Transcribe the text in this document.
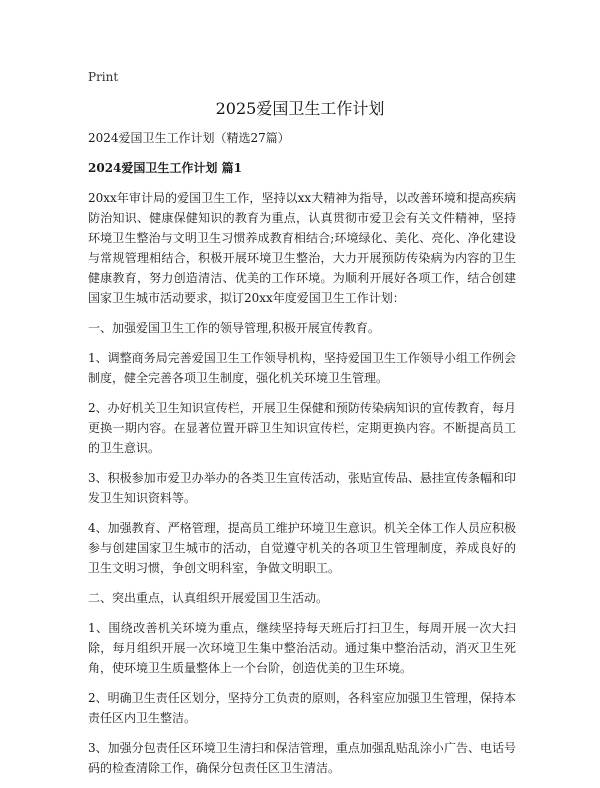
Print
2025爱国卫生工作计划

2024爱国卫生工作计划（精选27篇）

2024爱国卫生工作计划 篇1

20xx年审计局的爱国卫生工作，坚持以xx大精神为指导，以改善环境和提高疾病防治知识、健康保健知识的教育为重点，认真贯彻市爱卫会有关文件精神，坚持环境卫生整治与文明卫生习惯养成教育相结合;环境绿化、美化、亮化、净化建设与常规管理相结合，积极开展环境卫生整治，大力开展预防传染病为内容的卫生健康教育，努力创造清洁、优美的工作环境。为顺利开展好各项工作，结合创建国家卫生城市活动要求，拟订20xx年度爱国卫生工作计划：

一、加强爱国卫生工作的领导管理,积极开展宣传教育。

1、调整商务局完善爱国卫生工作领导机构，坚持爱国卫生工作领导小组工作例会制度，健全完善各项卫生制度，强化机关环境卫生管理。

2、办好机关卫生知识宣传栏，开展卫生保健和预防传染病知识的宣传教育，每月更换一期内容。在显著位置开辟卫生知识宣传栏，定期更换内容。不断提高员工的卫生意识。

3、积极参加市爱卫办举办的各类卫生宣传活动，张贴宣传品、悬挂宣传条幅和印发卫生知识资料等。

4、加强教育、严格管理，提高员工维护环境卫生意识。机关全体工作人员应积极参与创建国家卫生城市的活动，自觉遵守机关的各项卫生管理制度，养成良好的卫生文明习惯，争创文明科室，争做文明职工。

二、突出重点，认真组织开展爱国卫生活动。

1、围绕改善机关环境为重点，继续坚持每天班后打扫卫生，每周开展一次大扫除，每月组织开展一次环境卫生集中整治活动。通过集中整治活动，消灭卫生死角，使环境卫生质量整体上一个台阶，创造优美的卫生环境。

2、明确卫生责任区划分，坚持分工负责的原则，各科室应加强卫生管理，保持本责任区内卫生整洁。

3、加强分包责任区环境卫生清扫和保洁管理，重点加强乱贴乱涂小广告、电话号码的检查清除工作，确保分包责任区卫生清洁。
